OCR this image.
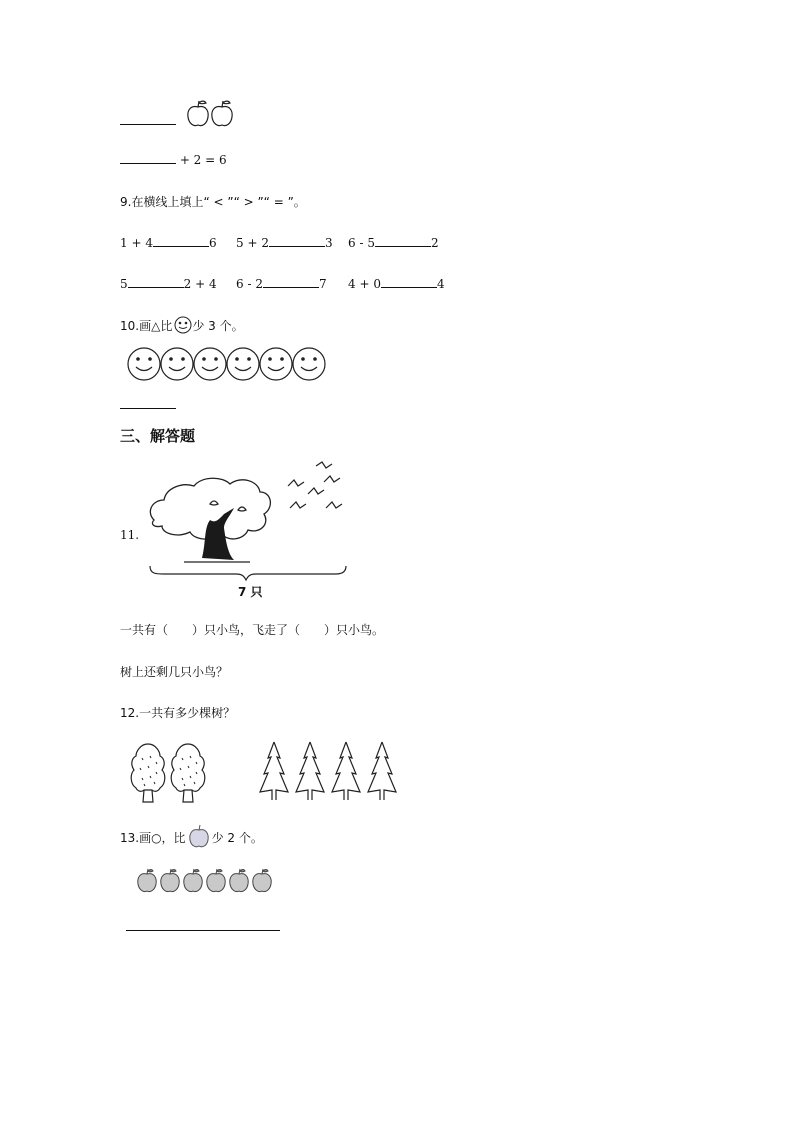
+ 2 = 6
9.在横线上填上“ < ”“ > ”“ = ”。
1 + 4	6 5 + 2	3 6 - 5	2
5	2 + 4 6 - 2	7 4 + 0	4
10.画△比 少 3 个。
三、解答题
11.
7 只
一共有（　　）只小鸟，飞走了（　　）只小鸟。
树上还剩几只小鸟？
12.一共有多少棵树？
13.画○，比 少 2 个。
